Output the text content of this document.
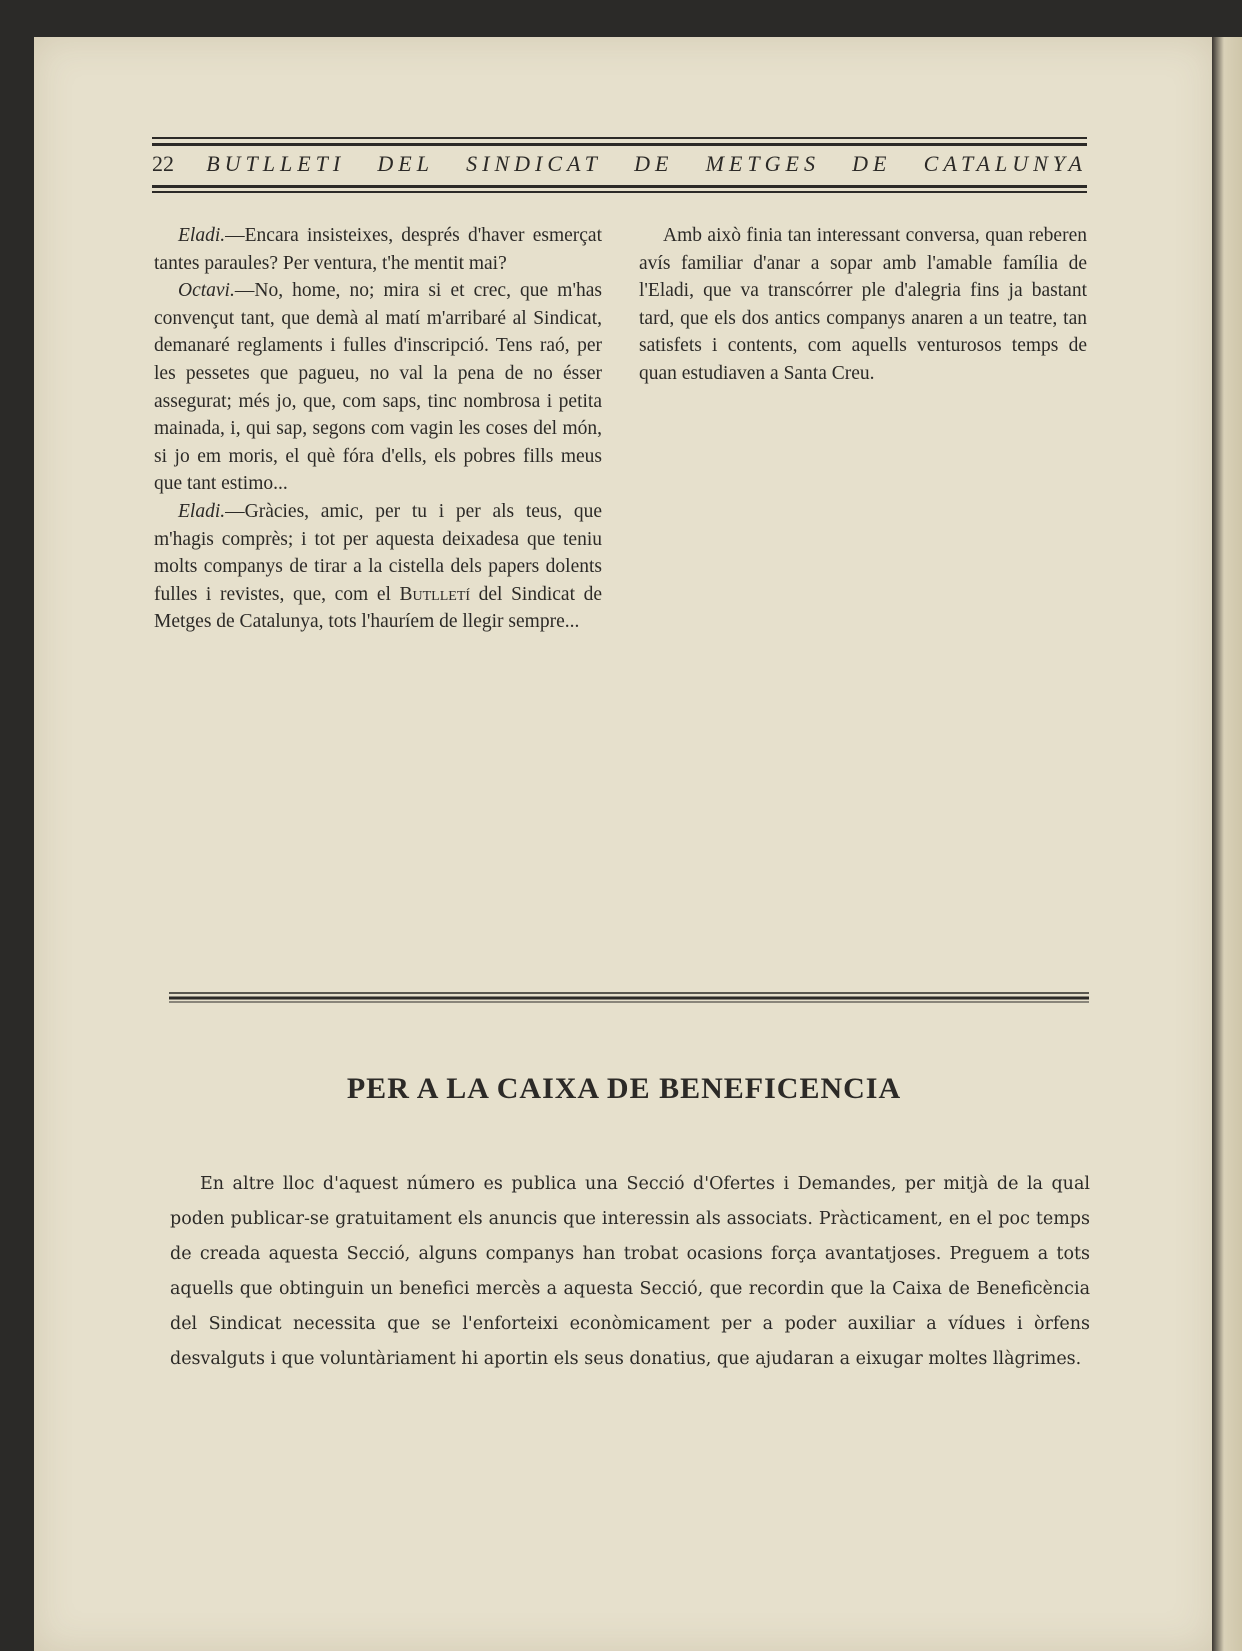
22 BUTLLETI DEL SINDICAT DE METGES DE CATALUNYA

Eladi.—Encara insisteixes, després d'haver esmerçat tantes paraules? Per ventura, t'he mentit mai?

Octavi.—No, home, no; mira si et crec, que m'has convençut tant, que demà al matí m'arribaré al Sindicat, demanaré reglaments i fulles d'inscripció. Tens raó, per les pessetes que pagueu, no val la pena de no ésser assegurat; més jo, que, com saps, tinc nombrosa i petita mainada, i, qui sap, segons com vagin les coses del món, si jo em moris, el què fóra d'ells, els pobres fills meus que tant estimo...

Eladi.—Gràcies, amic, per tu i per als teus, que m'hagis comprès; i tot per aquesta deixadesa que teniu molts companys de tirar a la cistella dels papers dolents fulles i revistes, que, com el Butlletí del Sindicat de Metges de Catalunya, tots l'hauríem de llegir sempre...

Amb això finia tan interessant conversa, quan reberen avís familiar d'anar a sopar amb l'amable família de l'Eladi, que va transcórrer ple d'alegria fins ja bastant tard, que els dos antics companys anaren a un teatre, tan satisfets i contents, com aquells venturosos temps de quan estudiaven a Santa Creu.

PER A LA CAIXA DE BENEFICENCIA
En altre lloc d'aquest número es publica una Secció d'Ofertes i Demandes, per mitjà de la qual poden publicar-se gratuitament els anuncis que interessin als associats. Pràcticament, en el poc temps de creada aquesta Secció, alguns companys han trobat ocasions força avantatjoses. Preguem a tots aquells que obtinguin un benefici mercès a aquesta Secció, que recordin que la Caixa de Beneficència del Sindicat necessita que se l'enforteixi econòmicament per a poder auxiliar a vídues i òrfens desvalguts i que voluntàriament hi aportin els seus donatius, que ajudaran a eixugar moltes llàgrimes.
